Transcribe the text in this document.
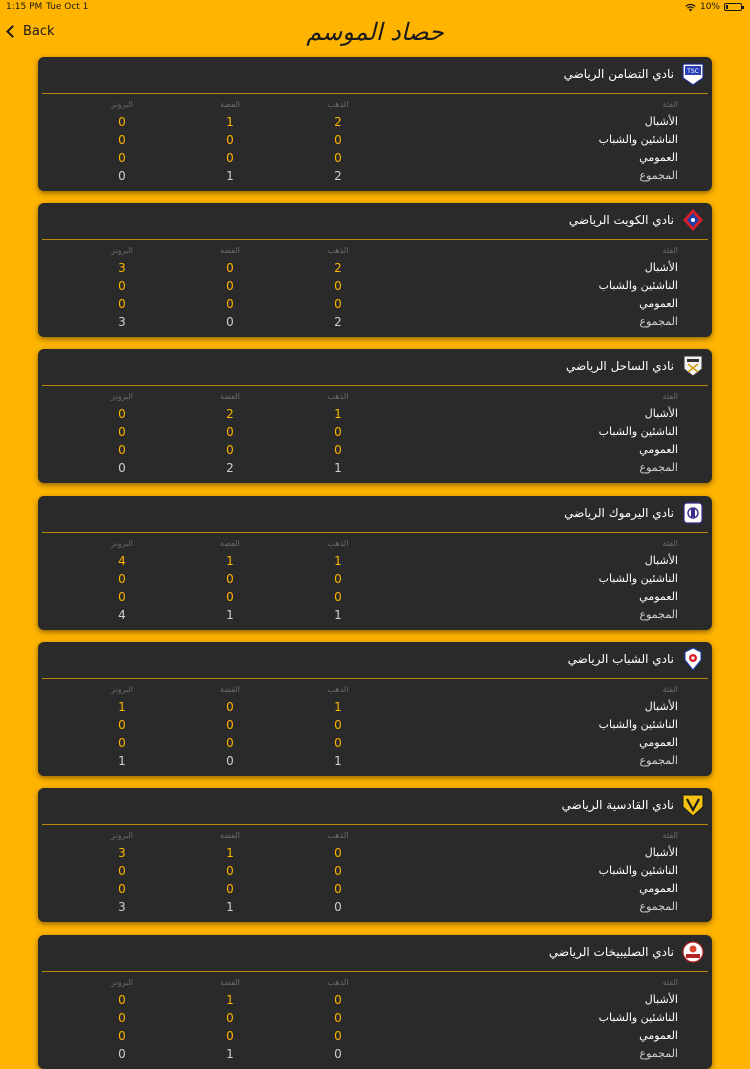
1:15 PM Tue Oct 1	10%
Back	حصاد الموسم
TSC
نادي التضامن الرياضي
الفئة
الذهب
الفضة
البرونز
الأشبال
2
1
0
الناشئين والشباب
0
0
0
العمومي
0
0
0
المجموع
2
1
0
نادي الكويت الرياضي
الفئة
الذهب
الفضة
البرونز
الأشبال
2
0
3
الناشئين والشباب
0
0
0
العمومي
0
0
0
المجموع
2
0
3
نادي الساحل الرياضي
الفئة
الذهب
الفضة
البرونز
الأشبال
1
2
0
الناشئين والشباب
0
0
0
العمومي
0
0
0
المجموع
1
2
0
نادي اليرموك الرياضي
الفئة
الذهب
الفضة
البرونز
الأشبال
1
1
4
الناشئين والشباب
0
0
0
العمومي
0
0
0
المجموع
1
1
4
نادي الشباب الرياضي
الفئة
الذهب
الفضة
البرونز
الأشبال
1
0
1
الناشئين والشباب
0
0
0
العمومي
0
0
0
المجموع
1
0
1
نادي القادسية الرياضي
الفئة
الذهب
الفضة
البرونز
الأشبال
0
1
3
الناشئين والشباب
0
0
0
العمومي
0
0
0
المجموع
0
1
3
نادي الصليبيخات الرياضي
الفئة
الذهب
الفضة
البرونز
الأشبال
0
1
0
الناشئين والشباب
0
0
0
العمومي
0
0
0
المجموع
0
1
0
